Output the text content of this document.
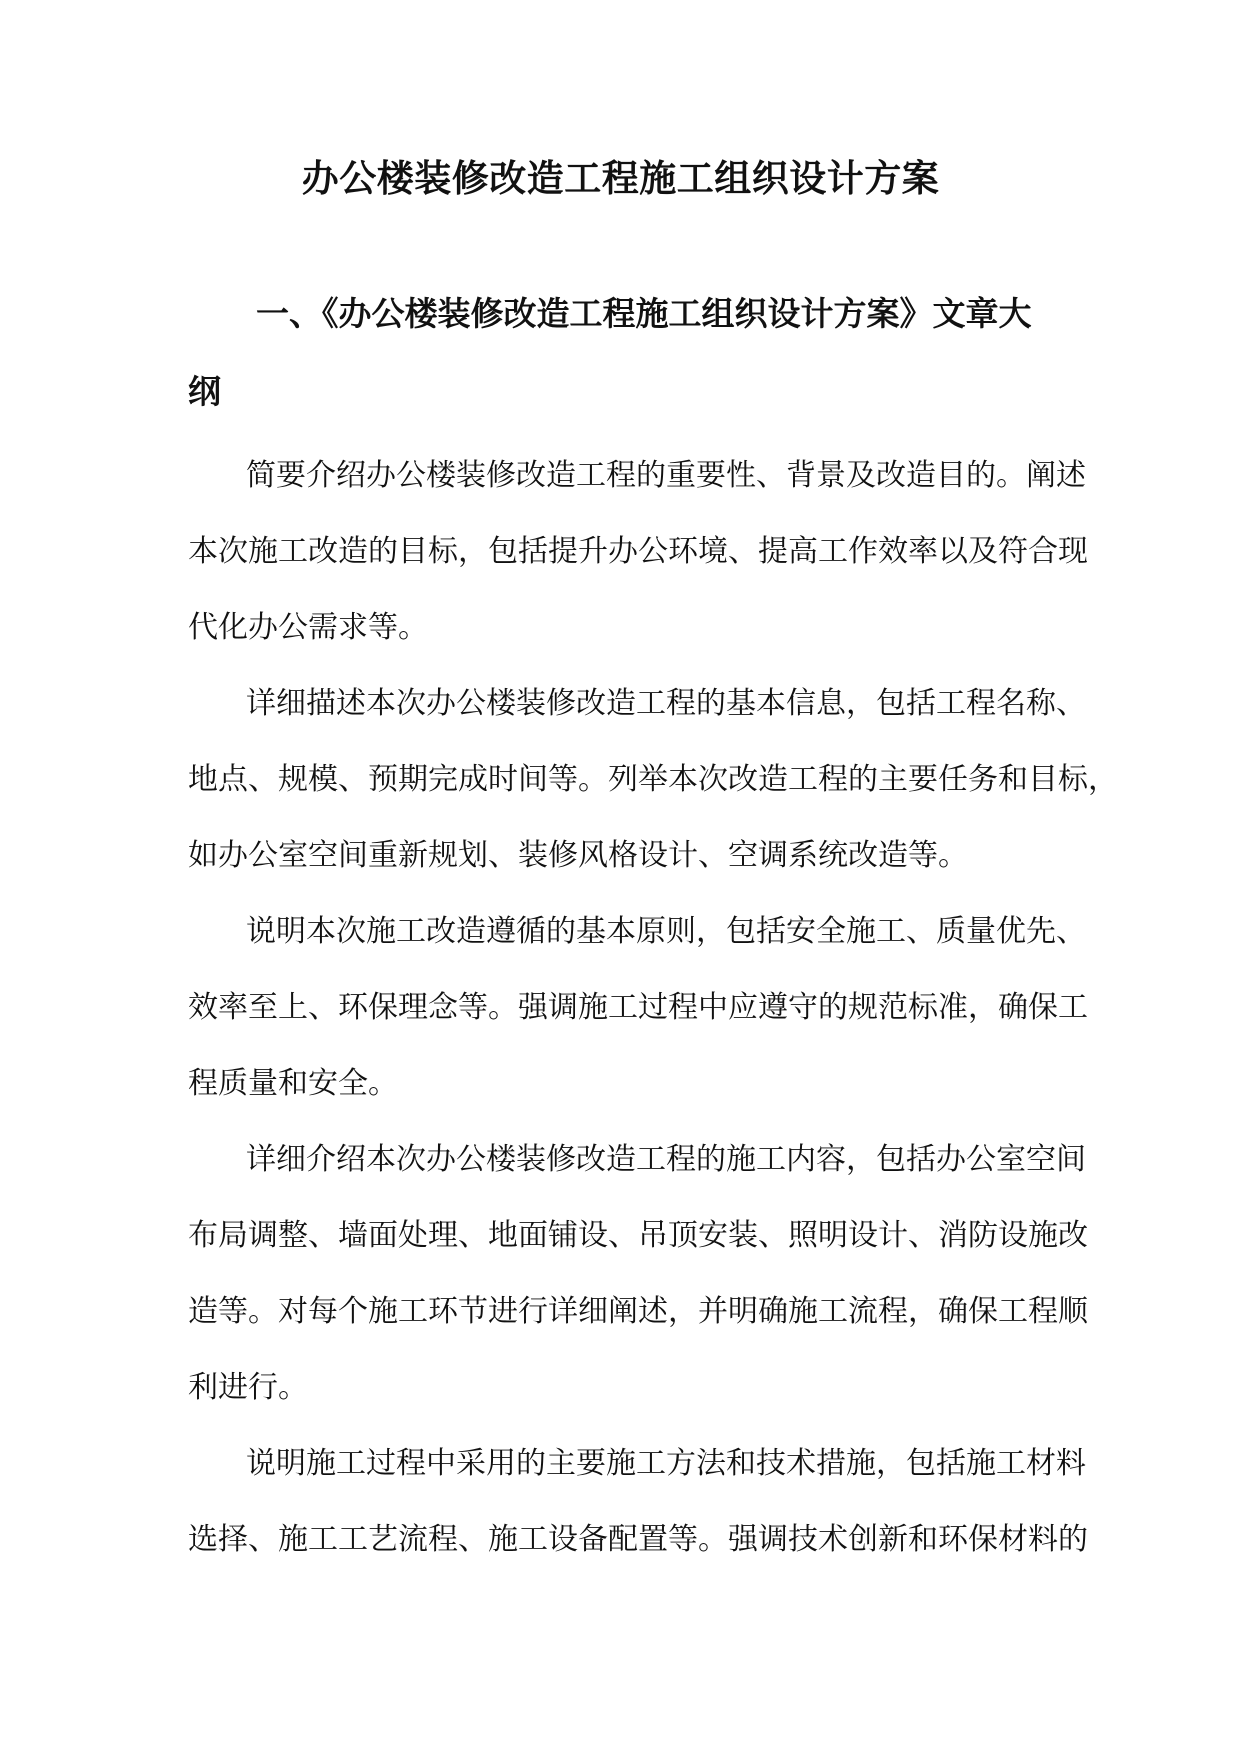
办公楼装修改造工程施工组织设计方案
一、《办公楼装修改造工程施工组织设计方案》文章大
纲

简要介绍办公楼装修改造工程的重要性、背景及改造目的。阐述
本次施工改造的目标，包括提升办公环境、提高工作效率以及符合现
代化办公需求等。

详细描述本次办公楼装修改造工程的基本信息，包括工程名称、
地点、规模、预期完成时间等。列举本次改造工程的主要任务和目标，
如办公室空间重新规划、装修风格设计、空调系统改造等。

说明本次施工改造遵循的基本原则，包括安全施工、质量优先、
效率至上、环保理念等。强调施工过程中应遵守的规范标准，确保工
程质量和安全。

详细介绍本次办公楼装修改造工程的施工内容，包括办公室空间
布局调整、墙面处理、地面铺设、吊顶安装、照明设计、消防设施改
造等。对每个施工环节进行详细阐述，并明确施工流程，确保工程顺
利进行。

说明施工过程中采用的主要施工方法和技术措施，包括施工材料
选择、施工工艺流程、施工设备配置等。强调技术创新和环保材料的
